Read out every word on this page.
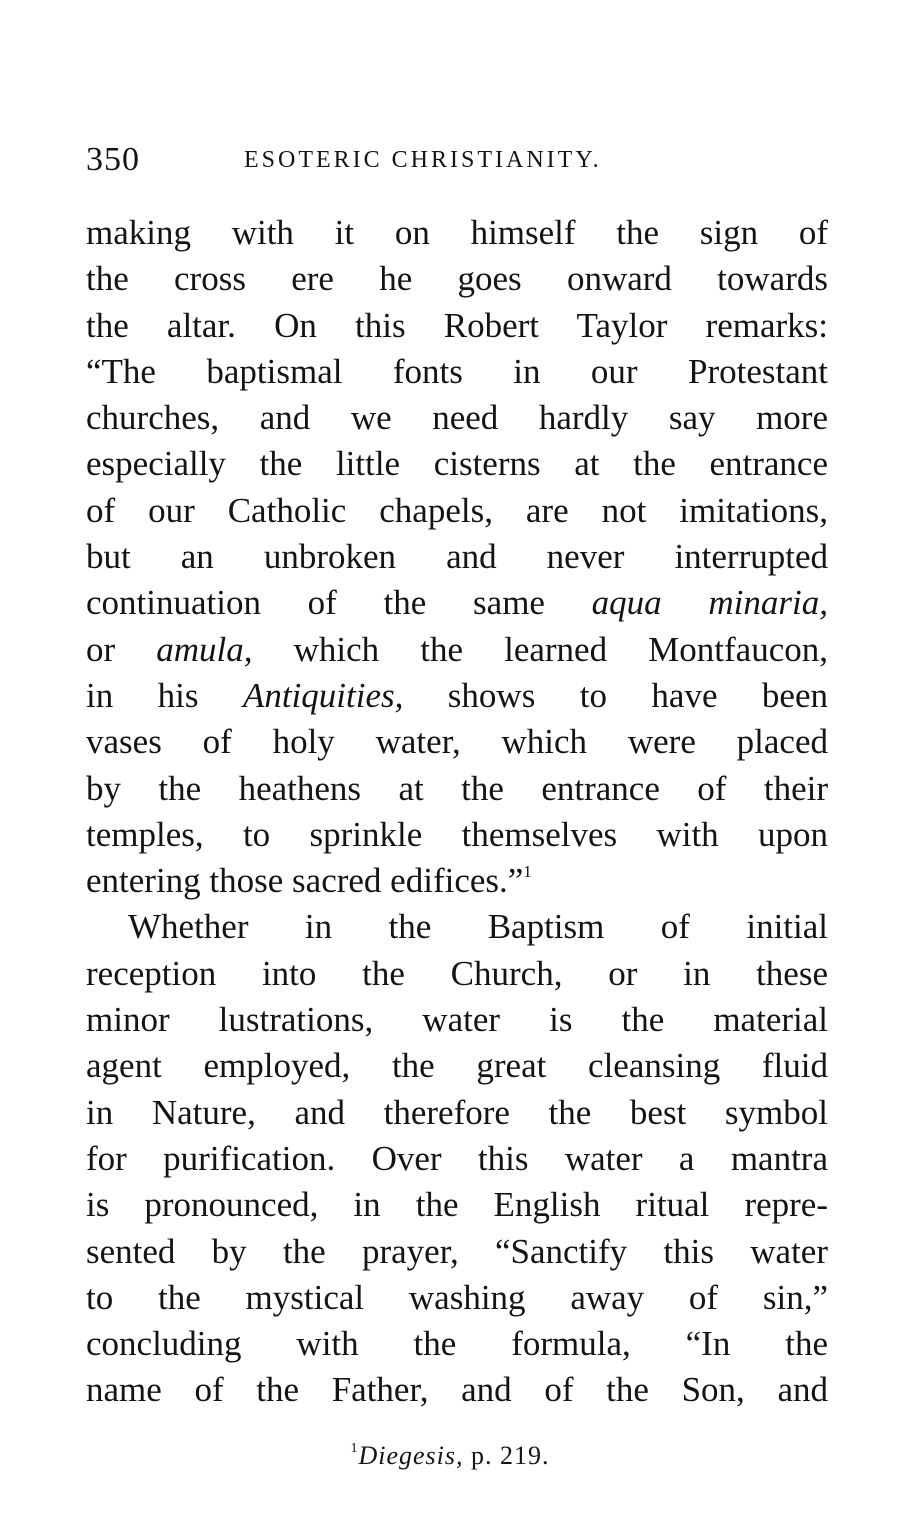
350	ESOTERIC CHRISTIANITY.
making with it on himself the sign of
the cross ere he goes onward towards
the altar. On this Robert Taylor remarks:
“The baptismal fonts in our Protestant
churches, and we need hardly say more
especially the little cisterns at the entrance
of our Catholic chapels, are not imitations,
but an unbroken and never interrupted
continuation of the same aqua minaria,
or amula, which the learned Montfaucon,
in his Antiquities, shows to have been
vases of holy water, which were placed
by the heathens at the entrance of their
temples, to sprinkle themselves with upon
entering those sacred edifices.”$^1$
Whether in the Baptism of initial
reception into the Church, or in these
minor lustrations, water is the material
agent employed, the great cleansing fluid
in Nature, and therefore the best symbol
for purification. Over this water a mantra
is pronounced, in the English ritual repre-
sented by the prayer, “Sanctify this water
to the mystical washing away of sin,”
concluding with the formula, “In the
name of the Father, and of the Son, and
$^1$Diegesis, p. 219.
